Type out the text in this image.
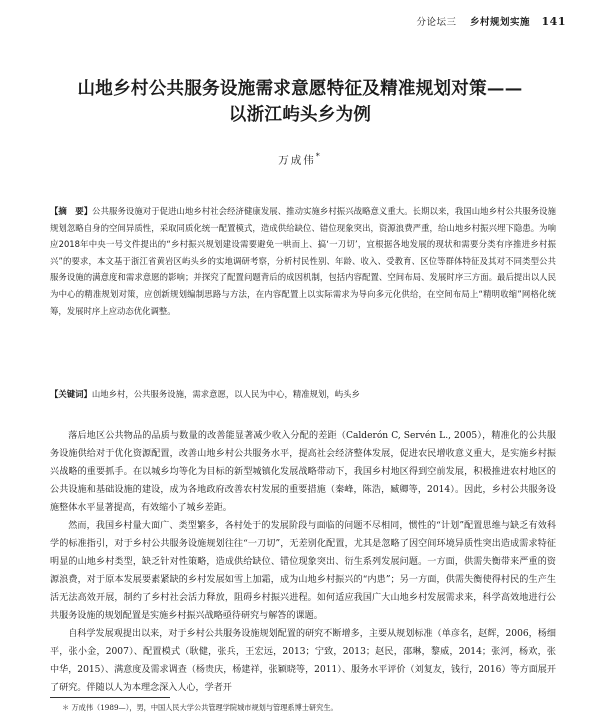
分论坛三 乡村规划实施 141
山地乡村公共服务设施需求意愿特征及精准规划对策——
以浙江屿头乡为例
万成伟*
【摘　要】公共服务设施对于促进山地乡村社会经济健康发展、推动实施乡村振兴战略意义重大。长期以来，我国山地乡村公共服务设施规划忽略自身的空间异质性，采取同质化统一配置模式，造成供给缺位、错位现象突出，资源浪费严重，给山地乡村振兴埋下隐患。为响应2018年中央一号文件提出的“乡村振兴规划建设需要避免一哄而上、搞‘一刀切’，宜根据各地发展的现状和需要分类有序推进乡村振兴”的要求，本文基于浙江省黄岩区屿头乡的实地调研考察，分析村民性别、年龄、收入、受教育、区位等群体特征及其对不同类型公共服务设施的满意度和需求意愿的影响；并探究了配置问题背后的成因机制，包括内容配置、空间布局、发展时序三方面。最后提出以人民为中心的精准规划对策，应创新规划编制思路与方法，在内容配置上以实际需求为导向多元化供给，在空间布局上“精明收缩”网格化统筹，发展时序上应动态优化调整。
【关键词】山地乡村，公共服务设施，需求意愿，以人民为中心，精准规划，屿头乡

落后地区公共物品的品质与数量的改善能显著减少收入分配的差距（Calderón C, Servén L., 2005），精准化的公共服务设施供给对于优化资源配置，改善山地乡村公共服务水平，提高社会经济整体发展，促进农民增收意义重大，是实施乡村振兴战略的重要抓手。在以城乡均等化为目标的新型城镇化发展战略带动下，我国乡村地区得到空前发展，积极推进农村地区的公共设施和基础设施的建设，成为各地政府改善农村发展的重要措施（秦峰，陈浩，臧卿等，2014）。因此，乡村公共服务设施整体水平显著提高，有效缩小了城乡差距。

然而，我国乡村量大面广、类型繁多，各村处于的发展阶段与面临的问题不尽相同，惯性的“计划”配置思维与缺乏有效科学的标准指引，对于乡村公共服务设施规划往往“一刀切”，无差别化配置，尤其是忽略了因空间环境异质性突出造成需求特征明显的山地乡村类型，缺乏针对性策略，造成供给缺位、错位现象突出、衍生系列发展问题。一方面，供需失衡带来严重的资源浪费，对于原本发展要素紧缺的乡村发展如雪上加霜，成为山地乡村振兴的“内患”；另一方面，供需失衡使得村民的生产生活无法高效开展，制约了乡村社会活力释放，阻碍乡村振兴进程。如何适应我国广大山地乡村发展需求来，科学高效地进行公共服务设施的规划配置是实施乡村振兴战略亟待研究与解答的课题。

自科学发展观提出以来，对于乡村公共服务设施规划配置的研究不断增多，主要从规划标准（单彦名，赵辉，2006，杨细平，张小金，2007）、配置模式（耿健，张兵，王宏远，2013；宁致，2013；赵民，邵琳，黎威，2014；张河，杨欢，张中华，2015）、满意度及需求调查（杨贵庆，杨建祥，张颖晓等，2011）、服务水平评价（刘复友，钱行，2016）等方面展开了研究。伴随以人为本理念深入人心，学者开

＊ 万成伟（1989—），男，中国人民大学公共管理学院城市规划与管理系博士研究生。
